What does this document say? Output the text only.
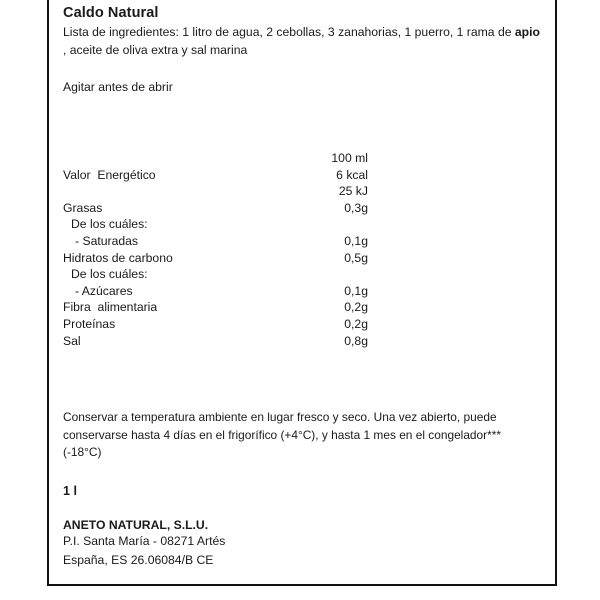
Caldo Natural
Lista de ingredientes: 1 litro de agua, 2 cebollas, 3 zanahorias, 1 puerro, 1 rama de apio , aceite de oliva extra y sal marina
Agitar antes de abrir
	100 ml
Valor  Energético	6 kcal
	25 kJ
Grasas	0,3g
De los cuáles:	
- Saturadas	0,1g
Hidratos de carbono	0,5g
De los cuáles:	
- Azúcares	0,1g
Fibra  alimentaria	0,2g
Proteínas	0,2g
Sal	0,8g
Conservar a temperatura ambiente en lugar fresco y seco. Una vez abierto, puede conservarse hasta 4 días en el frigorífico (+4°C), y hasta 1 mes en el congelador*** (-18°C)
1 l
ANETO NATURAL, S.L.U.
P.I. Santa María - 08271 Artés
España, ES 26.06084/B CE
